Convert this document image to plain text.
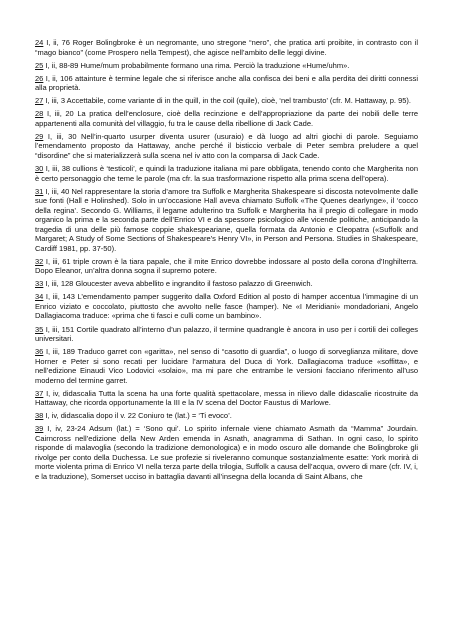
24 I, ii, 76 Roger Bolingbroke è un negromante, uno stregone “nero”, che pratica arti proibite, in contrasto con il “mago bianco” (come Prospero nella Tempest), che agisce nell’ambito delle leggi divine.

25 I, ii, 88-89 Hume/mum probabilmente formano una rima. Perciò la traduzione «Hume/uhm».

26 I, ii, 106 attainture è termine legale che si riferisce anche alla confisca dei beni e alla perdita dei diritti connessi alla proprietà.

27 I, iii, 3 Accettabile, come variante di in the quill, in the coil (quile), cioè, ‘nel trambusto’ (cfr. M. Hattaway, p. 95).

28 I, iii, 20 La pratica dell’enclosure, cioè della recinzione e dell’appropriazione da parte dei nobili delle terre appartenenti alla comunità del villaggio, fu tra le cause della ribellione di Jack Cade.

29 I, iii, 30 Nell’in-quarto usurper diventa usurer (usuraio) e dà luogo ad altri giochi di parole. Seguiamo l’emendamento proposto da Hattaway, anche perché il bisticcio verbale di Peter sembra preludere a quel “disordine” che si materializzerà sulla scena nel iv atto con la comparsa di Jack Cade.

30 I, iii, 38 cullions è ‘testicoli’, e quindi la traduzione italiana mi pare obbligata, tenendo conto che Margherita non è certo personaggio che teme le parole (ma cfr. la sua trasformazione rispetto alla prima scena dell’opera).

31 I, iii, 40 Nel rappresentare la storia d’amore tra Suffolk e Margherita Shakespeare si discosta notevolmente dalle sue fonti (Hall e Holinshed). Solo in un’occasione Hall aveva chiamato Suffolk «The Quenes dearlynge», il ‘cocco della regina’. Secondo G. Williams, il legame adulterino tra Suffolk e Margherita ha il pregio di collegare in modo organico la prima e la seconda parte dell’Enrico VI e da spessore psicologico alle vicende politiche, anticipando la tragedia di una delle più famose coppie shakespeariane, quella formata da Antonio e Cleopatra («Suffolk and Margaret; A Study of Some Sections of Shakespeare’s Henry VI», in Person and Persona. Studies in Shakespeare, Cardiff 1981, pp. 37-50).

32 I, iii, 61 triple crown è la tiara papale, che il mite Enrico dovrebbe indossare al posto della corona d’Inghilterra. Dopo Eleanor, un’altra donna sogna il supremo potere.

33 I, iii, 128 Gloucester aveva abbellito e ingrandito il fastoso palazzo di Greenwich.

34 I, iii, 143 L’emendamento pamper suggerito dalla Oxford Edition al posto di hamper accentua l’immagine di un Enrico viziato e coccolato, piuttosto che avvolto nelle fasce (hamper). Ne «I Meridiani» mondadoriani, Angelo Dallagiacoma traduce: «prima che ti fasci e culli come un bambino».

35 I, iii, 151 Cortile quadrato all’interno d’un palazzo, il termine quadrangle è ancora in uso per i cortili dei colleges universitari.

36 I, iii, 189 Traduco garret con «garitta», nel senso di “casotto di guardia”, o luogo di sorveglianza militare, dove Horner e Peter si sono recati per lucidare l’armatura del Duca di York. Dallagiacoma traduce «soffitta», e nell’edizione Einaudi Vico Lodovici «solaio», ma mi pare che entrambe le versioni facciano riferimento all’uso moderno del termine garret.

37 I, iv, didascalia Tutta la scena ha una forte qualità spettacolare, messa in rilievo dalle didascalie ricostruite da Hattaway, che ricorda opportunamente la III e la IV scena del Doctor Faustus di Marlowe.

38 I, iv, didascalia dopo il v. 22 Coniuro te (lat.) = ‘Ti evoco’.

39 I, iv, 23-24 Adsum (lat.) = ‘Sono qui’. Lo spirito infernale viene chiamato Asmath da “Mamma” Jourdain. Cairncross nell’edizione della New Arden emenda in Asnath, anagramma di Sathan. In ogni caso, lo spirito risponde di malavoglia (secondo la tradizione demonologica) e in modo oscuro alle domande che Bolingbroke gli rivolge per conto della Duchessa. Le sue profezie si riveleranno comunque sostanzialmente esatte: York morirà di morte violenta prima di Enrico VI nella terza parte della trilogia, Suffolk a causa dell’acqua, ovvero di mare (cfr. IV, i, e la traduzione), Somerset ucciso in battaglia davanti all’insegna della locanda di Saint Albans, che
